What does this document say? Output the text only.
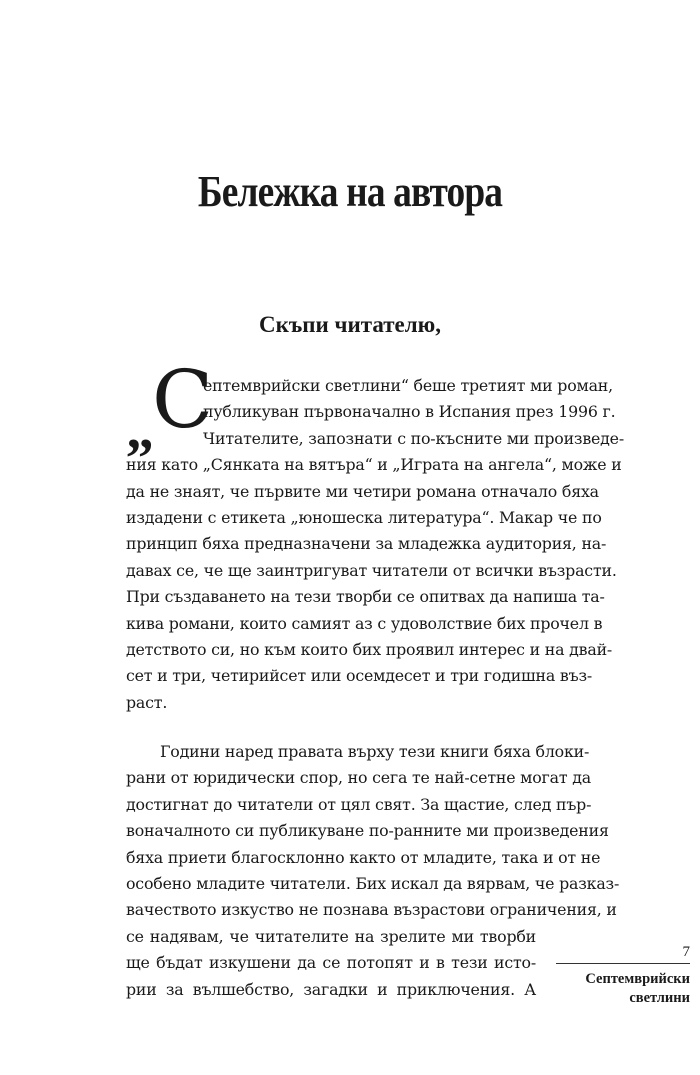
Бележка на автора
Скъпи читателю,
„
С
ептемврийски светлини“ беше третият ми роман,
публикуван първоначално в Испания през 1996 г.
Читателите, запознати с по-късните ми произведе-
ния като „Сянката на вятъра“ и „Играта на ангела“, може и
да не знаят, че първите ми четири романа отначало бяха
издадени с етикета „юношеска литература“. Макар че по
принцип бяха предназначени за младежка аудитория, на-
давах се, че ще заинтригуват читатели от всички възрасти.
При създаването на тези творби се опитвах да напиша та-
кива романи, които самият аз с удоволствие бих прочел в
детството си, но към които бих проявил интерес и на двай-
сет и три, четирийсет или осемдесет и три годишна въз-
раст.
Години наред правата върху тези книги бяха блоки-
рани от юридически спор, но сега те най-сетне могат да
достигнат до читатели от цял свят. За щастие, след пър-
воначалното си публикуване по-ранните ми произведения
бяха приети благосклонно както от младите, така и от не
особено младите читатели. Бих искал да вярвам, че разказ-
вачеството изкуство не познава възрастови ограничения, и
се надявам, че читателите на зрелите ми творби
ще бъдат изкушени да се потопят и в тези исто-
рии за вълшебство, загадки и приключения. А
7
Септемврийски
светлини
